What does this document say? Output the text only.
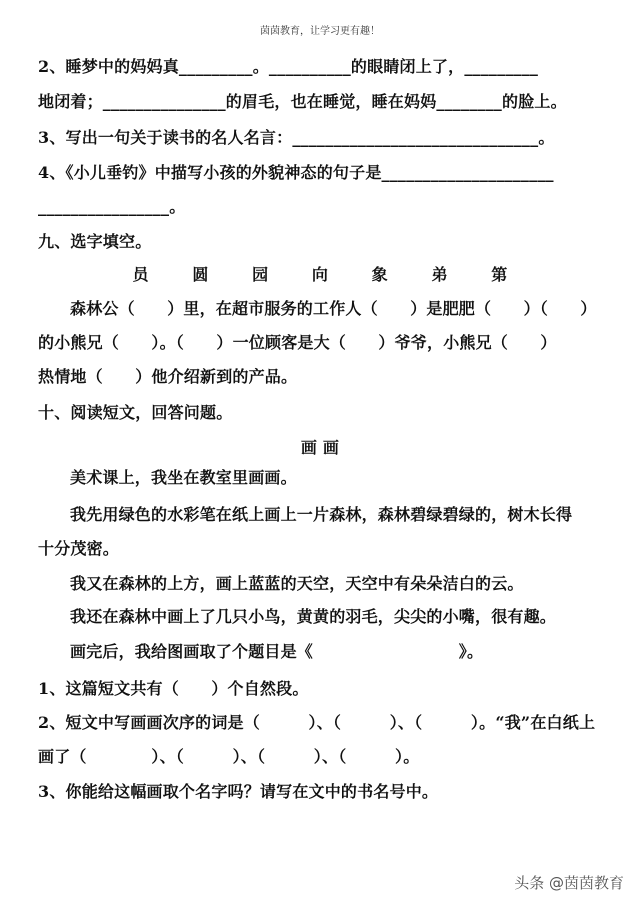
茵茵教育，让学习更有趣！
2、睡梦中的妈妈真_________。__________的眼睛闭上了，_________
地闭着；_______________的眉毛，也在睡觉，睡在妈妈________的脸上。
3、写出一句关于读书的名人名言：______________________________。
4、《小儿垂钓》中描写小孩的外貌神态的句子是_____________________
________________。
九、选字填空。
员	圆	园	向	象	弟	第
森林公（　　）里，在超市服务的工作人（　　）是肥肥（　　）（　　）
的小熊兄（　　）。（　　）一位顾客是大（　　）爷爷，小熊兄（　　）
热情地（　　）他介绍新到的产品。
十、阅读短文，回答问题。
画 画
美术课上，我坐在教室里画画。
我先用绿色的水彩笔在纸上画上一片森林，森林碧绿碧绿的，树木长得
十分茂密。
我又在森林的上方，画上蓝蓝的天空，天空中有朵朵洁白的云。
我还在森林中画上了几只小鸟，黄黄的羽毛，尖尖的小嘴，很有趣。
画完后，我给图画取了个题目是《　　　　　　　　　》。
1、这篇短文共有（　　）个自然段。
2、短文中写画画次序的词是（　　　）、（　　　）、（　　　）。“我”在白纸上
画了（　　　　）、（　　　）、（　　　）、（　　　）。
3、你能给这幅画取个名字吗？请写在文中的书名号中。
头条 @茵茵教育
